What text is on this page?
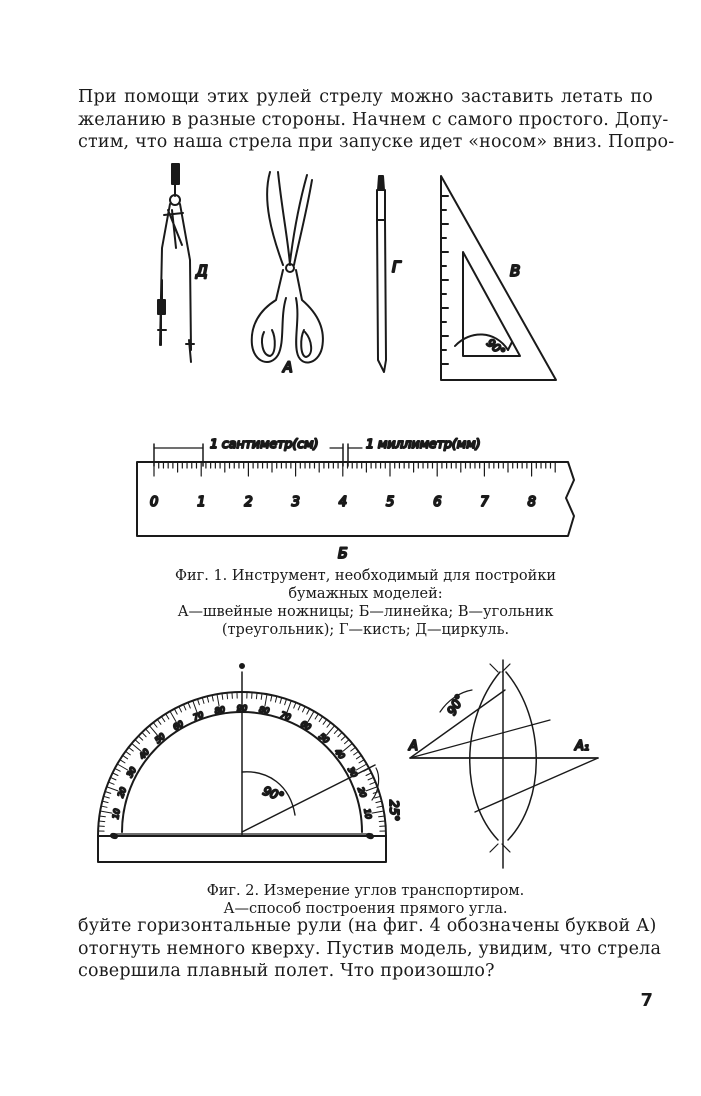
При помощи этих рулей стрелу можно заставить летать по
желанию в разные стороны. Начнем с самого простого. Допу-
стим, что наша стрела при запуске идет «носом» вниз. Попро-

Д
А
Г	В
90°
1 сантиметр(см)	1 миллиметр(мм)
0	1	2	3	4	5	6	7	8
Б
0
10
20
30
40
50
60
70 80 90 80 70
60
50
40
30
20
10
0
90°
25°
90°
А	А₁

Фиг. 1. Инструмент, необходимый для постройки
бумажных моделей:
А—швейные ножницы; Б—линейка; В—угольник
(треугольник); Г—кисть; Д—циркуль.

Фиг. 2. Измерение углов транспортиром.
А—способ построения прямого угла.

буйте горизонтальные рули (на фиг. 4 обозначены буквой А)
отогнуть немного кверху. Пустив модель, увидим, что стрела
совершила плавный полет. Что произошло?

7
